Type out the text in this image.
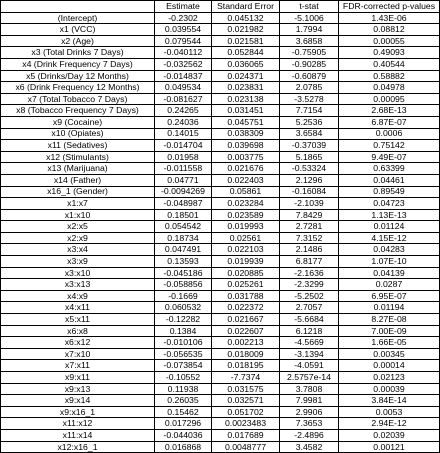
	Estimate	Standard Error	t-stat	FDR-corrected p-values
(Intercept)	-0.2302	0.045132	-5.1006	1.43E-06
x1 (VCC)	0.039554	0.021982	1.7994	0.08812
x2 (Age)	0.079544	0.021581	3.6858	0.00055
x3 (Total Drinks 7 Days)	-0.040112	0.052844	-0.75905	0.49093
x4 (Drink Frequency 7 Days)	-0.032562	0.036065	-0.90285	0.40544
x5 (Drinks/Day 12 Months)	-0.014837	0.024371	-0.60879	0.58882
x6 (Drink Frequency 12 Months)	0.049534	0.023831	2.0785	0.04978
x7 (Total Tobacco 7 Days)	-0.081627	0.023138	-3.5278	0.00095
x8 (Tobacco Frequency 7 Days)	0.24265	0.031451	7.7154	2.68E-13
x9 (Cocaine)	0.24036	0.045751	5.2536	6.87E-07
x10 (Opiates)	0.14015	0.038309	3.6584	0.0006
x11 (Sedatives)	-0.014704	0.039698	-0.37039	0.75142
x12 (Stimulants)	0.01958	0.003775	5.1865	9.49E-07
x13 (Marijuana)	-0.011558	0.021676	-0.53324	0.63399
x14 (Father)	0.04771	0.022403	2.1296	0.04461
x16_1 (Gender)	-0.0094269	0.05861	-0.16084	0.89549
x1:x7	-0.048987	0.023284	-2.1039	0.04723
x1:x10	0.18501	0.023589	7.8429	1.13E-13
x2:x5	0.054542	0.019993	2.7281	0.01124
x2:x9	0.18734	0.02561	7.3152	4.15E-12
x3:x4	0.047491	0.022103	2.1486	0.04283
x3:x9	0.13593	0.019939	6.8177	1.07E-10
x3:x10	-0.045186	0.020885	-2.1636	0.04139
x3:x13	-0.058856	0.025261	-2.3299	0.0287
x4:x9	-0.1669	0.031788	-5.2502	6.95E-07
x4:x11	0.060532	0.022372	2.7057	0.01194
x5:x11	-0.12282	0.021667	-5.6684	8.27E-08
x6:x8	0.1384	0.022607	6.1218	7.00E-09
x6:x12	-0.010106	0.002213	-4.5669	1.66E-05
x7:x10	-0.056535	0.018009	-3.1394	0.00345
x7:x11	-0.073854	0.018195	-4.0591	0.00014
x9:x11	-0.10552	-7.7374	2.5757e-14	0.02123
x9:x13	0.11938	0.031575	3.7808	0.00039
x9:x14	0.26035	0.032571	7.9981	3.84E-14
x9:x16_1	0.15462	0.051702	2.9906	0.0053
x11:x12	0.017296	0.0023483	7.3653	2.94E-12
x11:x14	-0.044036	0.017689	-2.4896	0.02039
x12:x16_1	0.016868	0.0048777	3.4582	0.00121
